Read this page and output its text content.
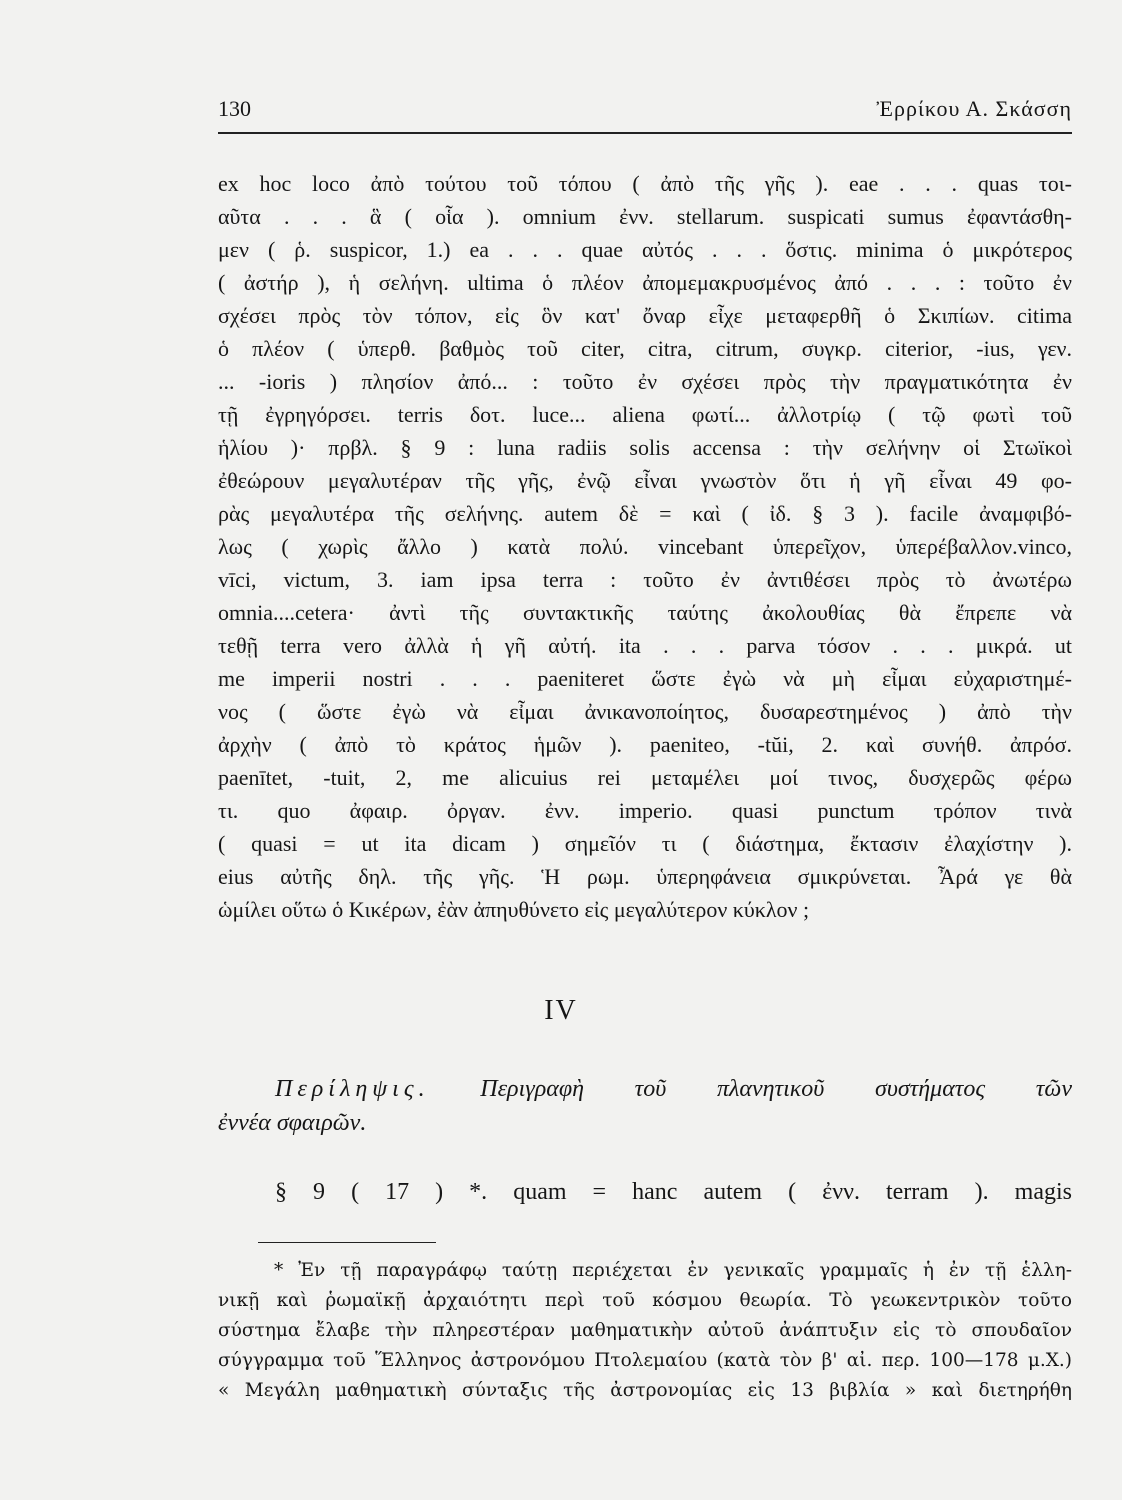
130	Ἐρρίκου Α. Σκάσση
ex hoc loco ἀπὸ τούτου τοῦ τόπου ( ἀπὸ τῆς γῆς ). eae . . . quas τοι-
αῦτα . . . ἃ ( οἷα ). omnium ἐνν. stellarum. suspicati sumus ἐφαντάσθη-
μεν ( ῥ. suspicor, 1.) ea . . . quae αὐτός . . . ὅστις. minima ὁ μικρότερος
( ἀστήρ ), ἡ σελήνη. ultima ὁ πλέον ἀπομεμακρυσμένος ἀπό . . . : τοῦτο ἐν
σχέσει πρὸς τὸν τόπον, εἰς ὃν κατ' ὄναρ εἶχε μεταφερθῆ ὁ Σκιπίων. citima
ὁ πλέον ( ὑπερθ. βαθμὸς τοῦ citer, citra, citrum, συγκρ. citerior, -ius, γεν.
... -ioris ) πλησίον ἀπό... : τοῦτο ἐν σχέσει πρὸς τὴν πραγματικότητα ἐν
τῇ ἐγρηγόρσει. terris δοτ. luce... aliena φωτί... ἀλλοτρίῳ ( τῷ φωτὶ τοῦ
ἡλίου )· πρβλ. § 9 : luna radiis solis accensa : τὴν σελήνην οἱ Στωϊκοὶ
ἐθεώρουν μεγαλυτέραν τῆς γῆς, ἐνῷ εἶναι γνωστὸν ὅτι ἡ γῆ εἶναι 49 φο-
ρὰς μεγαλυτέρα τῆς σελήνης. autem δὲ = καὶ ( ἰδ. § 3 ). facile ἀναμφιβό-
λως ( χωρὶς ἄλλο ) κατὰ πολύ. vincebant ὑπερεῖχον, ὑπερέβαλλον.vinco,
vīci, victum, 3. iam ipsa terra : τοῦτο ἐν ἀντιθέσει πρὸς τὸ ἀνωτέρω
omnia....cetera· ἀντὶ τῆς συντακτικῆς ταύτης ἀκολουθίας θὰ ἔπρεπε νὰ
τεθῇ terra vero ἀλλὰ ἡ γῆ αὐτή. ita . . . parva τόσον . . . μικρά. ut
me imperii nostri . . . paeniteret ὥστε ἐγὼ νὰ μὴ εἶμαι εὐχαριστημέ-
νος ( ὥστε ἐγὼ νὰ εἶμαι ἀνικανοποίητος, δυσαρεστημένος ) ἀπὸ τὴν
ἀρχὴν ( ἀπὸ τὸ κράτος ἡμῶν ). paeniteo, -tŭi, 2. καὶ συνήθ. ἀπρόσ.
paenītet, -tuit, 2, me alicuius rei μεταμέλει μοί τινος, δυσχερῶς φέρω
τι. quo ἀφαιρ. ὀργαν. ἐνν. imperio. quasi punctum τρόπον τινὰ
( quasi = ut ita dicam ) σημεῖόν τι ( διάστημα, ἔκτασιν ἐλαχίστην ).
eius αὐτῆς δηλ. τῆς γῆς. Ἡ ρωμ. ὑπερηφάνεια σμικρύνεται. Ἆρά γε θὰ
ὡμίλει οὕτω ὁ Κικέρων, ἐὰν ἀπηυθύνετο εἰς μεγαλύτερον κύκλον ;
IV
Περίληψις. Περιγραφὴ τοῦ πλανητικοῦ συστήματος τῶν
ἐννέα σφαιρῶν.
§ 9 ( 17 ) *. quam = hanc autem ( ἐνν. terram ). magis
* Ἐν τῇ παραγράφῳ ταύτῃ περιέχεται ἐν γενικαῖς γραμμαῖς ἡ ἐν τῇ ἑλλη-
νικῇ καὶ ῥωμαϊκῇ ἀρχαιότητι περὶ τοῦ κόσμου θεωρία. Τὸ γεωκεντρικὸν τοῦτο
σύστημα ἔλαβε τὴν πληρεστέραν μαθηματικὴν αὐτοῦ ἀνάπτυξιν εἰς τὸ σπουδαῖον
σύγγραμμα τοῦ Ἕλληνος ἀστρονόμου Πτολεμαίου (κατὰ τὸν β' αἰ. περ. 100—178 μ.Χ.)
« Μεγάλη μαθηματικὴ σύνταξις τῆς ἀστρονομίας εἰς 13 βιβλία » καὶ διετηρήθη
